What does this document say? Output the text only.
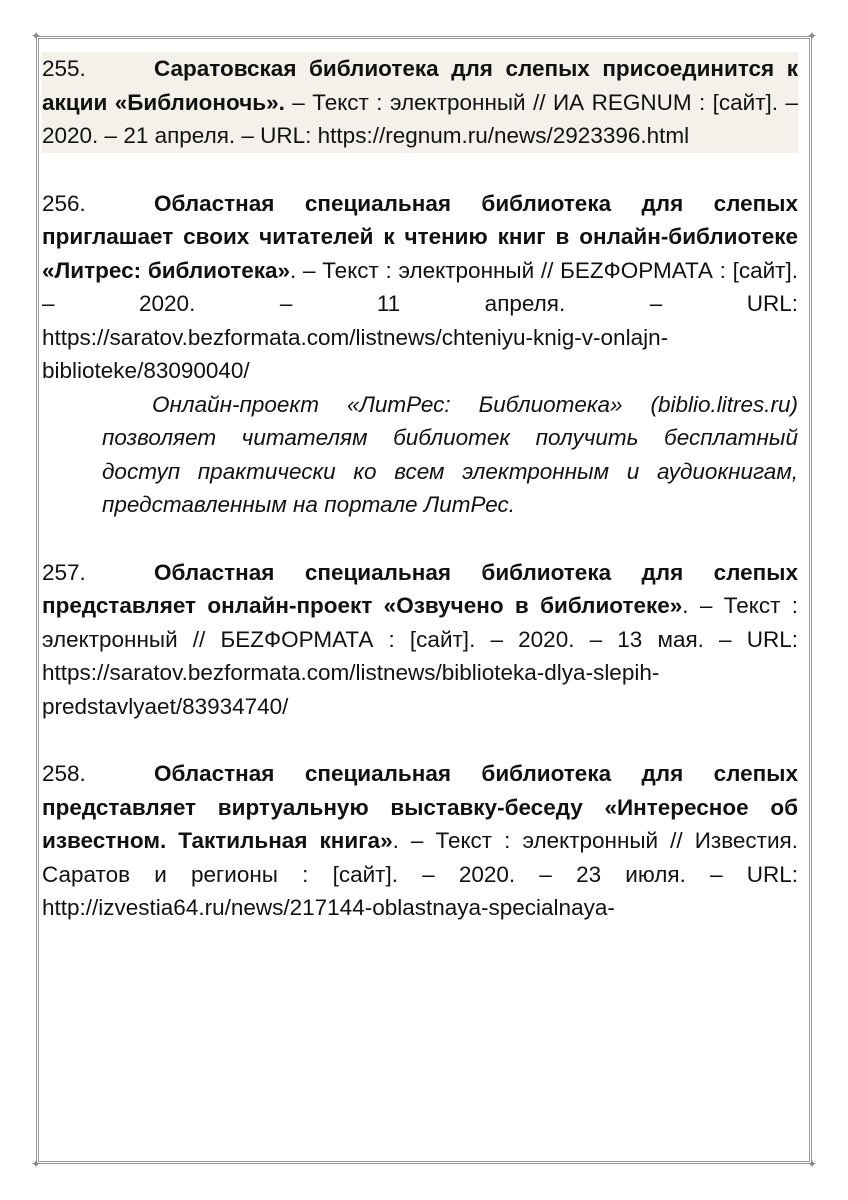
✦	✦
✦	✦
255.	Саратовская библиотека для слепых присоединится к акции «Библионочь». – Текст : электронный // ИА REGNUM : [сайт]. – 2020. – 21 апреля. – URL: https://regnum.ru/news/2923396.html
256.	Областная специальная библиотека для слепых приглашает своих читателей к чтению книг в онлайн-библиотеке «Литрес: библиотека». – Текст : электронный // БЕZФОРМАТА : [сайт]. – 2020. – 11 апреля. – URL: https://saratov.bezformata.com/listnews/chteniyu-knig-v-onlajn-biblioteke/83090040/
Онлайн-проект «ЛитРес: Библиотека» (biblio.litres.ru) позволяет читателям библиотек получить бесплатный доступ практически ко всем электронным и аудиокнигам, представленным на портале ЛитРес.
257.	Областная специальная библиотека для слепых представляет онлайн-проект «Озвучено в библиотеке». – Текст : электронный // БЕZФОРМАТА : [сайт]. – 2020. – 13 мая. – URL: https://saratov.bezformata.com/listnews/biblioteka-dlya-slepih-predstavlyaet/83934740/
258.	Областная специальная библиотека для слепых представляет виртуальную выставку-беседу «Интересное об известном. Тактильная книга». – Текст : электронный // Известия. Саратов и регионы : [сайт]. – 2020. – 23 июля. – URL: http://izvestia64.ru/news/217144-oblastnaya-specialnaya-
